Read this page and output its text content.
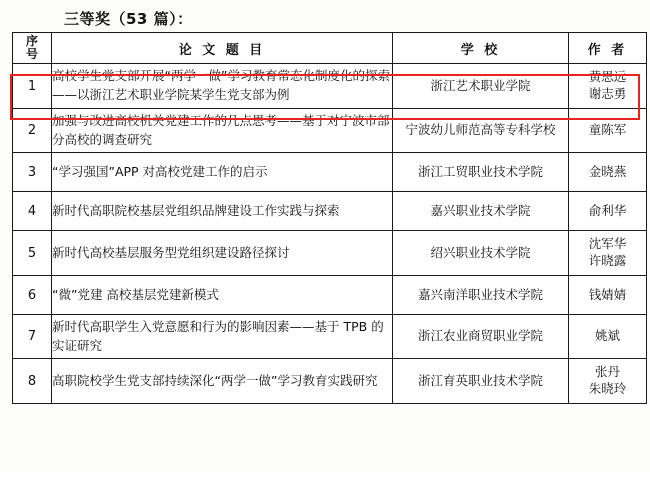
三等奖（53 篇）：
序
号	论 文 题 目	学 校	作 者
1	高校学生党支部开展“两学一做”学习教育常态化制度化的探索——以浙江艺术职业学院某学生党支部为例	浙江艺术职业学院	黄思远
谢志勇

2	加强与改进高校机关党建工作的几点思考——基于对宁波市部分高校的调查研究	宁波幼儿师范高等专科学校	童陈军

3	“学习强国”APP 对高校党建工作的启示	浙江工贸职业技术学院	金晓燕

4	新时代高职院校基层党组织品牌建设工作实践与探索	嘉兴职业技术学院	俞利华

5	新时代高校基层服务型党组织建设路径探讨	绍兴职业技术学院	沈军华
许晓露

6	“微”党建 高校基层党建新模式	嘉兴南洋职业技术学院	钱婧婧

7	新时代高职学生入党意愿和行为的影响因素——基于 TPB 的实证研究	浙江农业商贸职业学院	姚斌

8	高职院校学生党支部持续深化“两学一做”学习教育实践研究	浙江育英职业技术学院	张丹
朱晓玲
